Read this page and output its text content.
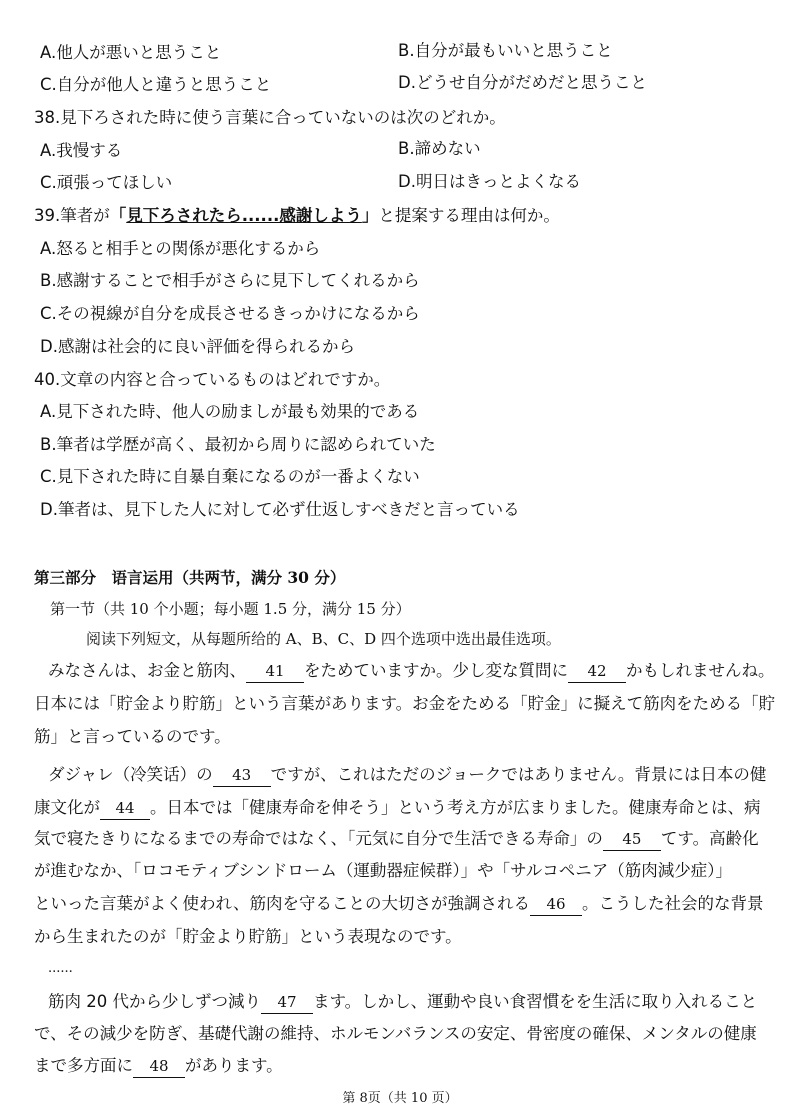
A.他人が悪いと思うこと	B.自分が最もいいと思うこと
C.自分が他人と違うと思うこと	D.どうせ自分がだめだと思うこと
38.見下ろされた時に使う言葉に合っていないのは次のどれか。
A.我慢する	B.諦めない
C.頑張ってほしい	D.明日はきっとよくなる
39.筆者が「見下ろされたら......感謝しよう」と提案する理由は何か。
A.怒ると相手との関係が悪化するから
B.感謝することで相手がさらに見下してくれるから
C.その視線が自分を成長させるきっかけになるから
D.感謝は社会的に良い評価を得られるから
40.文章の内容と合っているものはどれですか。
A.見下された時、他人の励ましが最も効果的である
B.筆者は学歴が高く、最初から周りに認められていた
C.見下された時に自暴自棄になるのが一番よくない
D.筆者は、見下した人に対して必ず仕返しすべきだと言っている
第三部分　语言运用（共两节，满分 30 分）
第一节（共 10 个小题；每小题 1.5 分，满分 15 分）
阅读下列短文，从每题所给的 A、B、C、D 四个选项中选出最佳选项。
みなさんは、お金と筋肉、 41 をためていますか。少し変な質問に 42 かもしれませんね。
日本には「貯金より貯筋」という言葉があります。お金をためる「貯金」に擬えて筋肉をためる「貯
筋」と言っているのです。
ダジャレ（冷笑话）の 43 ですが、これはただのジョークではありません。背景には日本の健
康文化が 44 。日本では「健康寿命を伸そう」という考え方が広まりました。健康寿命とは、病
気で寝たきりになるまでの寿命ではなく、「元気に自分で生活できる寿命」の 45 てす。高齢化
が進むなか、「ロコモティブシンドローム（運動器症候群）」や「サルコペニア（筋肉減少症）」
といった言葉がよく使われ、筋肉を守ることの大切さが強調される 46 。こうした社会的な背景
から生まれたのが「貯金より貯筋」という表現なのです。
......
筋肉 20 代から少しずつ減り 47 ます。しかし、運動や良い食習慣をを生活に取り入れること
で、その減少を防ぎ、基礎代謝の維持、ホルモンバランスの安定、骨密度の確保、メンタルの健康
まで多方面に 48 があります。
第 8页（共 10 页）
